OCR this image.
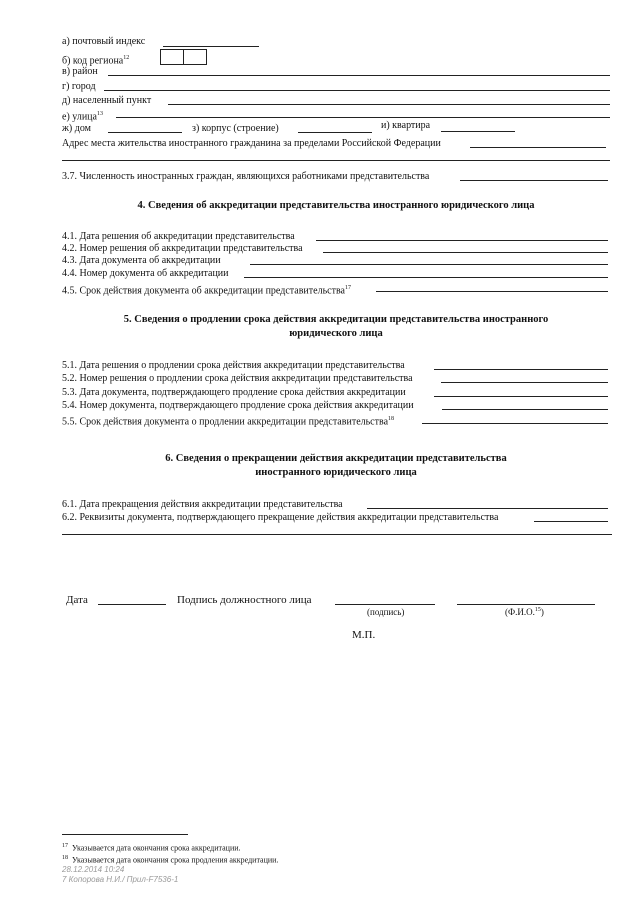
а) почтовый индекс
б) код региона$^{12}$
в) район
г) город
д) населенный пункт
е) улица$^{13}$
ж) дом	з) корпус (строение)	и) квартира
Адрес места жительства иностранного гражданина за пределами Российской Федерации
3.7. Численность иностранных граждан, являющихся работниками представительства
4. Сведения об аккредитации представительства иностранного юридического лица
4.1. Дата решения об аккредитации представительства
4.2. Номер решения об аккредитации представительства
4.3. Дата документа об аккредитации
4.4. Номер документа об аккредитации
4.5. Срок действия документа об аккредитации представительства$^{17}$
5. Сведения о продлении срока действия аккредитации представительства иностранного
юридического лица
5.1. Дата решения о продлении срока действия аккредитации представительства
5.2. Номер решения о продлении срока действия аккредитации представительства
5.3. Дата документа, подтверждающего продление срока действия аккредитации
5.4. Номер документа, подтверждающего продление срока действия аккредитации
5.5. Срок действия документа о продлении аккредитации представительства$^{18}$
6. Сведения о прекращении действия аккредитации представительства
иностранного юридического лица
6.1. Дата прекращения действия аккредитации представительства
6.2. Реквизиты документа, подтверждающего прекращение действия аккредитации представительства
Дата	Подпись должностного лица
(подпись)	(Ф.И.О.$^{15}$)
М.П.
$^{17}$ Указывается дата окончания срока аккредитации.
$^{18}$ Указывается дата окончания срока продления аккредитации.
28.12.2014 10:24
7 Копорова Н.И./ Прил-F7536-1
